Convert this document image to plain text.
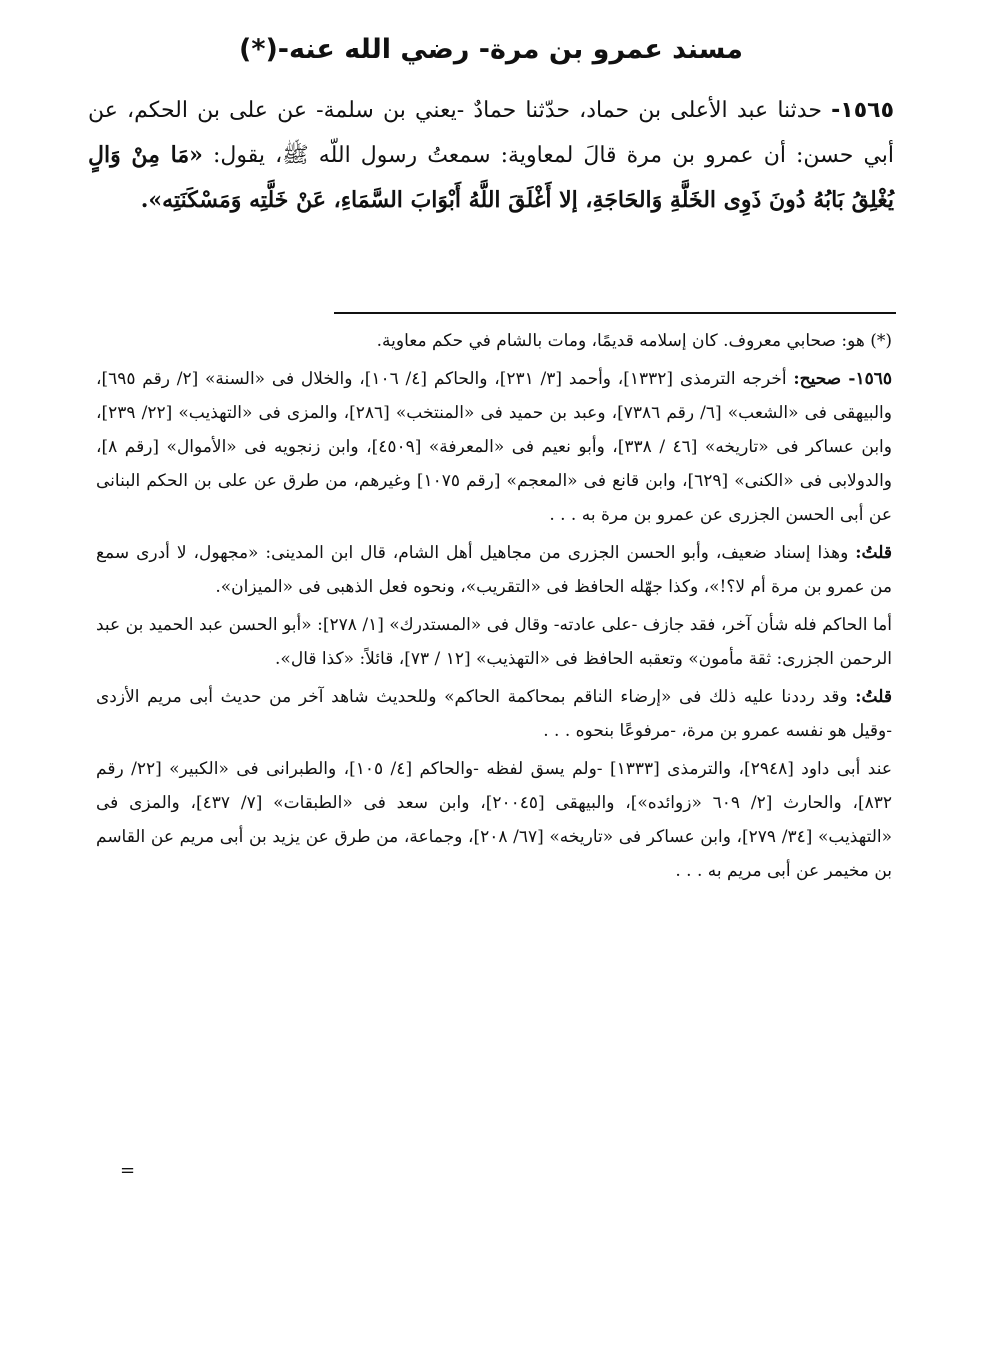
مسند عمرو بن مرة- رضي الله عنه-(*)
١٥٦٥- حدثنا عبد الأعلى بن حماد، حدّثنا حمادٌ -يعني بن سلمة- عن على بن الحكم، عن أبي حسن: أن عمرو بن مرة قالَ لمعاوية: سمعتُ رسول اللّه ﷺ، يقول: «مَا مِنْ وَالٍ يُغْلِقُ بَابُهُ دُونَ ذَوِى الخَلَّةِ وَالحَاجَةِ، إلا أَغْلَقَ اللَّهُ أَبْوَابَ السَّمَاءِ، عَنْ خَلَّتِه وَمَسْكَنَتِه».

(*) هو: صحابي معروف. كان إسلامه قديمًا، ومات بالشام في حكم معاوية.

١٥٦٥- صحيح: أخرجه الترمذى [١٣٣٢]، وأحمد [٣/ ٢٣١]، والحاكم [٤/ ١٠٦]، والخلال فى «السنة» [٢/ رقم ٦٩٥]، والبيهقى فى «الشعب» [٦/ رقم ٧٣٨٦]، وعبد بن حميد فى «المنتخب» [٢٨٦]، والمزى فى «التهذيب» [٢٢/ ٢٣٩]، وابن عساكر فى «تاريخه» [٤٦ / ٣٣٨]، وأبو نعيم فى «المعرفة» [٤٥٠٩]، وابن زنجويه فى «الأموال» [رقم ٨]، والدولابى فى «الكنى» [٦٢٩]، وابن قانع فى «المعجم» [رقم ١٠٧٥] وغيرهم، من طرق عن على بن الحكم البنانى عن أبى الحسن الجزرى عن عمرو بن مرة به . . .

قلتُ: وهذا إسناد ضعيف، وأبو الحسن الجزرى من مجاهيل أهل الشام، قال ابن المدينى: «مجهول، لا أدرى سمع من عمرو بن مرة أم لا؟!»، وكذا جهّله الحافظ فى «التقريب»، ونحوه فعل الذهبى فى «الميزان».

أما الحاكم فله شأن آخر، فقد جازف -على عادته- وقال فى «المستدرك» [١/ ٢٧٨]: «أبو الحسن عبد الحميد بن عبد الرحمن الجزرى: ثقة مأمون» وتعقبه الحافظ فى «التهذيب» [١٢ / ٧٣]، قائلاً: «كذا قال».

قلتُ: وقد رددنا عليه ذلك فى «إرضاء الناقم بمحاكمة الحاكم» وللحديث شاهد آخر من حديث أبى مريم الأزدى -وقيل هو نفسه عمرو بن مرة، -مرفوعًا بنحوه . . .

عند أبى داود [٢٩٤٨]، والترمذى [١٣٣٣] -ولم يسق لفظه -والحاكم [٤/ ١٠٥]، والطبرانى فى «الكبير» [٢٢/ رقم ٨٣٢]، والحارث [٢/ ٦٠٩ «زوائده»]، والبيهقى [٢٠٠٤٥]، وابن سعد فى «الطبقات» [٧/ ٤٣٧]، والمزى فى «التهذيب» [٣٤/ ٢٧٩]، وابن عساكر فى «تاريخه» [٦٧/ ٢٠٨]، وجماعة، من طرق عن يزيد بن أبى مريم عن القاسم بن مخيمر عن أبى مريم به . . .

=
